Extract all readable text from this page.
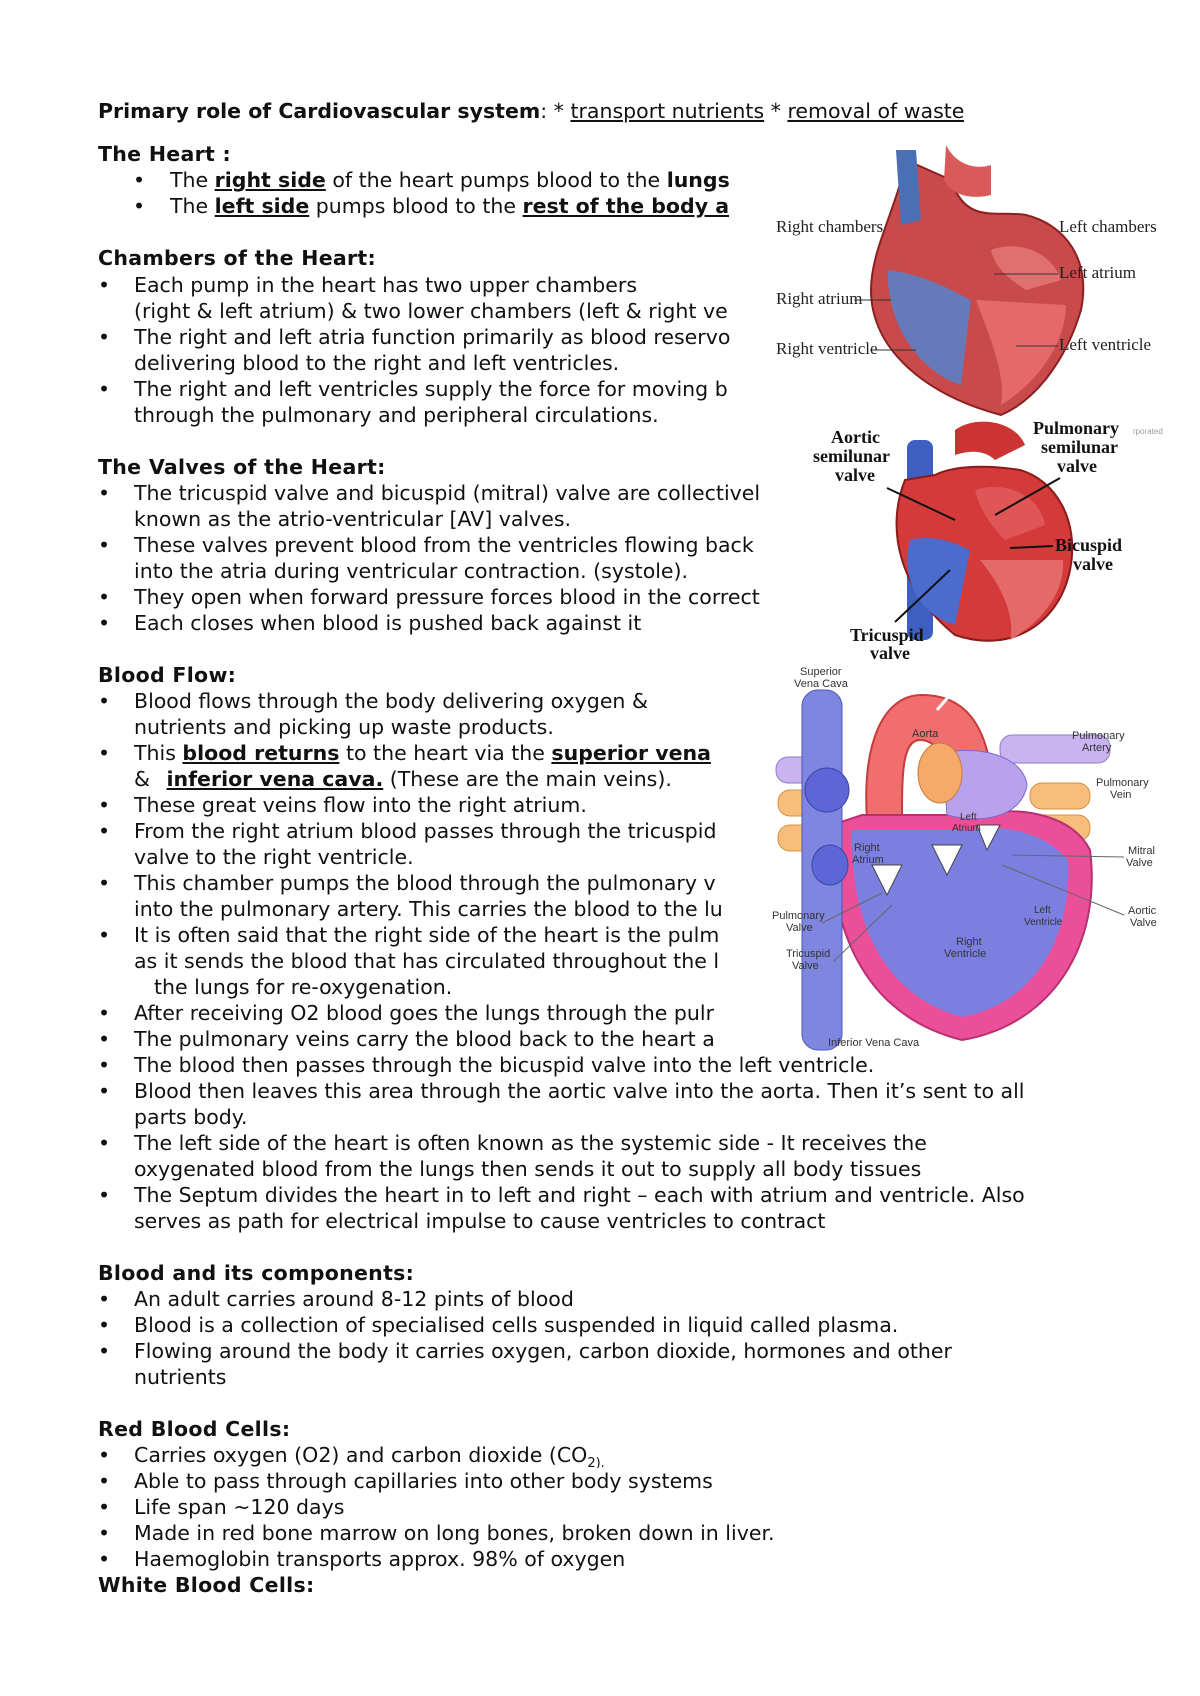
Primary role of Cardiovascular system: * transport nutrients * removal of waste
The Heart :
• The right side of the heart pumps blood to the lungs
• The left side pumps blood to the rest of the body a
Chambers of the Heart:
• Each pump in the heart has two upper chambers
(right & left atrium) & two lower chambers (left & right ve
• The right and left atria function primarily as blood reservo
delivering blood to the right and left ventricles.
• The right and left ventricles supply the force for moving b
through the pulmonary and peripheral circulations.
The Valves of the Heart:
• The tricuspid valve and bicuspid (mitral) valve are collectivel
known as the atrio-ventricular [AV] valves.
• These valves prevent blood from the ventricles flowing back
into the atria during ventricular contraction. (systole).
• They open when forward pressure forces blood in the correct
• Each closes when blood is pushed back against it
Blood Flow:
• Blood flows through the body delivering oxygen &
nutrients and picking up waste products.
• This blood returns to the heart via the superior vena
& inferior vena cava. (These are the main veins).
• These great veins flow into the right atrium.
• From the right atrium blood passes through the tricuspid
valve to the right ventricle.
• This chamber pumps the blood through the pulmonary v
into the pulmonary artery. This carries the blood to the lu
• It is often said that the right side of the heart is the pulm
as it sends the blood that has circulated throughout the l
the lungs for re-oxygenation.
• After receiving O2 blood goes the lungs through the pulr
• The pulmonary veins carry the blood back to the heart a
• The blood then passes through the bicuspid valve into the left ventricle.
• Blood then leaves this area through the aortic valve into the aorta. Then it’s sent to all
parts body.
• The left side of the heart is often known as the systemic side - It receives the
oxygenated blood from the lungs then sends it out to supply all body tissues
• The Septum divides the heart in to left and right – each with atrium and ventricle. Also
serves as path for electrical impulse to cause ventricles to contract
Blood and its components:
• An adult carries around 8-12 pints of blood
• Blood is a collection of specialised cells suspended in liquid called plasma.
• Flowing around the body it carries oxygen, carbon dioxide, hormones and other
nutrients
Red Blood Cells:
• Carries oxygen (O2) and carbon dioxide ($CO_{2).}$
• Able to pass through capillaries into other body systems
• Life span ~120 days
• Made in red bone marrow on long bones, broken down in liver.
• Haemoglobin transports approx. 98% of oxygen
White Blood Cells:
Right chambers	Left chambers
Left atrium
Right atrium
Right ventricle	Left ventricle
Aortic
semilunar
valve
Pulmonary
semilunar
valve
rporated
Bicuspid
valve
Tricuspid
valve
Superior
Vena Cava
Aorta	Pulmonary
Artery
Pulmonary
Vein
Left
Atrium
Right
Atrium
Mitral
Valve
Aortic
Valve
Left
Ventricle
Pulmonary
Valve
Right
Ventricle
Tricuspid
Valve
Inferior Vena Cava
